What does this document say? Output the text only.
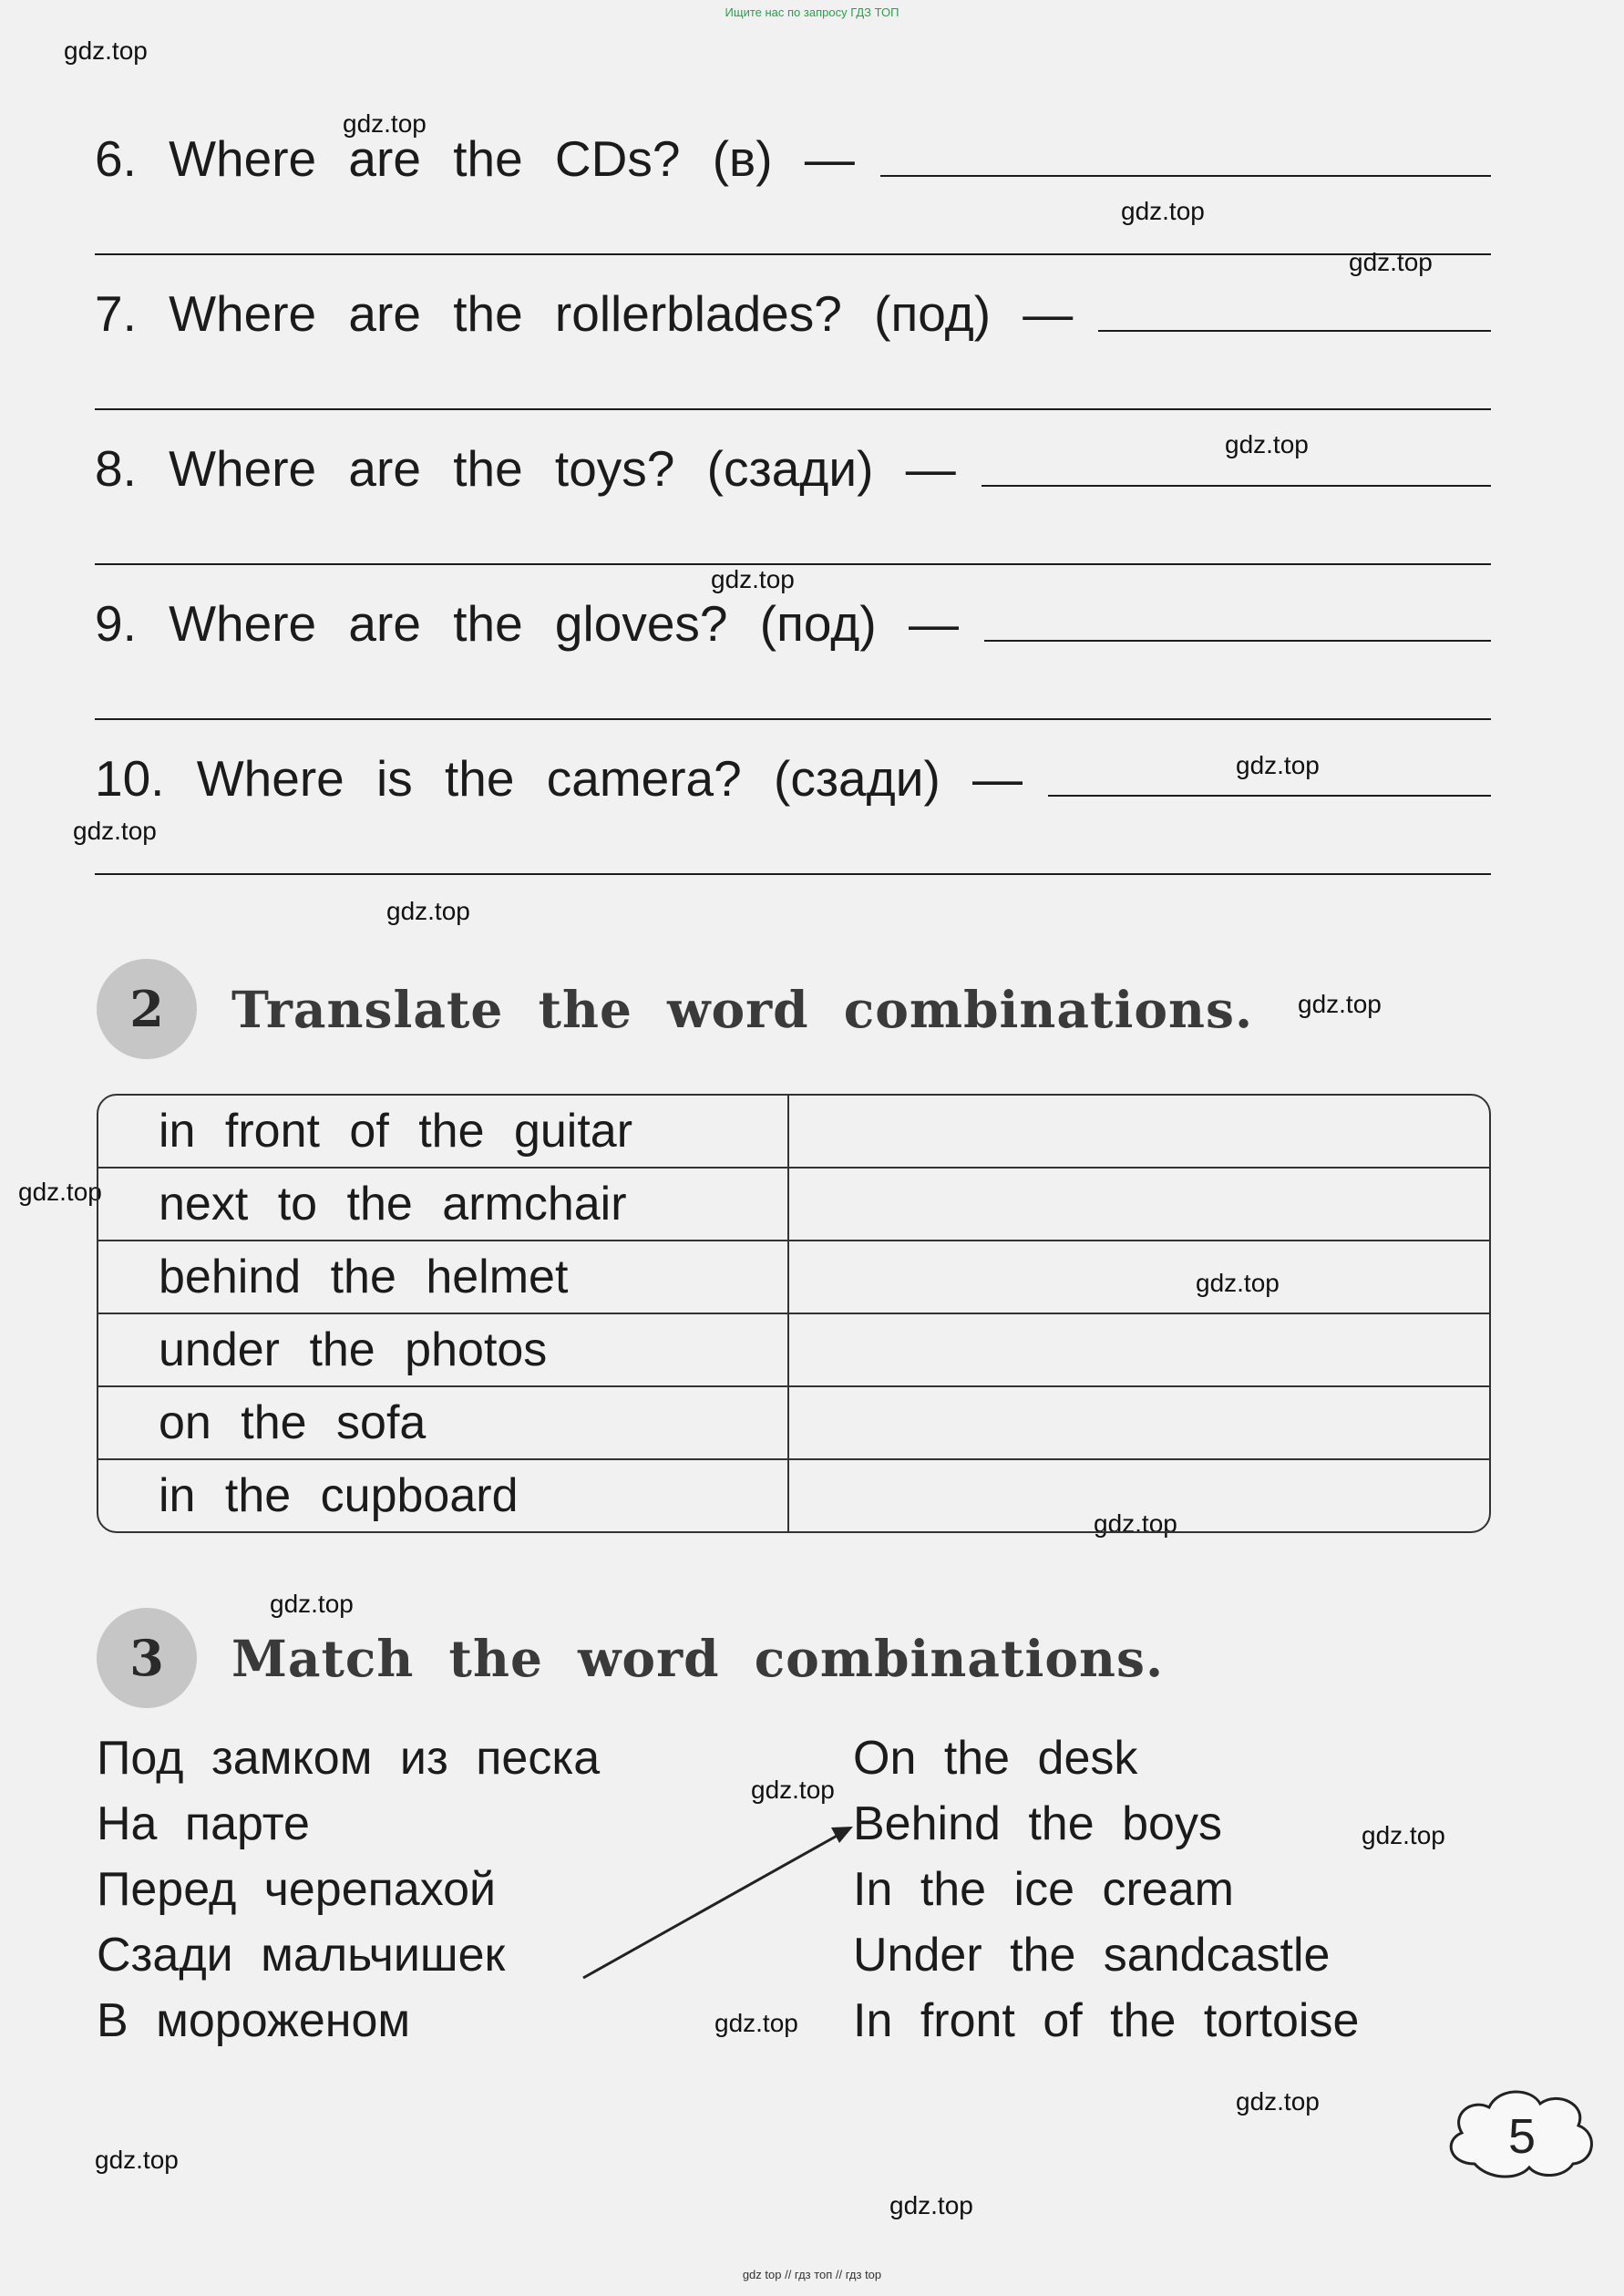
Ищите нас по запросу ГДЗ ТОП
gdz.top
gdz.top
gdz.top
gdz.top
gdz.top
gdz.top
gdz.top
gdz.top
gdz.top
gdz.top
gdz.top
gdz.top
gdz.top
gdz.top
gdz.top
gdz.top
gdz.top
gdz.top
gdz.top
gdz.top
6. Where are the CDs? (в) —
7. Where are the rollerblades? (под) —
8. Where are the toys? (сзади) —
9. Where are the gloves? (под) —
10. Where is the camera? (сзади) —
2	Translate the word combinations.
in front of the guitar	
next to the armchair	
behind the helmet	
under the photos	
on the sofa	
in the cupboard	
3	Match the word combinations.
Под замком из песка
На парте
Перед черепахой
Сзади мальчишек
В мороженом
On the desk
Behind the boys
In the ice cream
Under the sandcastle
In front of the tortoise
5
gdz top // гдз топ // гдз top
